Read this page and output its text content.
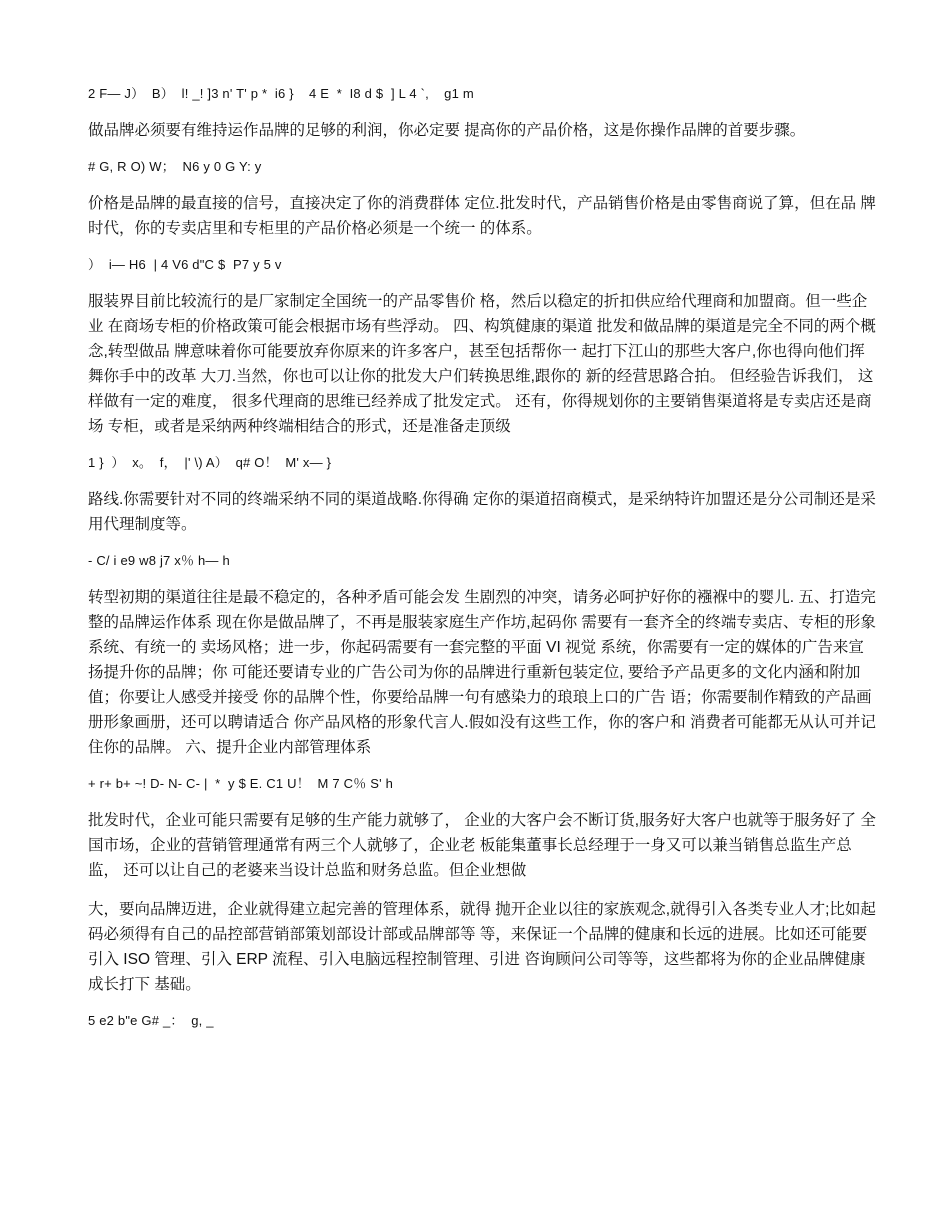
2 F— J）  B）  l! _! ]3 n' T' p *  i6 }    4 E  *  I8 d $  ] L 4 `,    g1 m

做品牌必须要有维持运作品牌的足够的利润，你必定要 提高你的产品价格，这是你操作品牌的首要步骤。

# G, R O) W；  N6 y 0 G Y: y

价格是品牌的最直接的信号，直接决定了你的消费群体 定位.批发时代，产品销售价格是由零售商说了算，但在品 牌时代，你的专卖店里和专柜里的产品价格必须是一个统一 的体系。

）  i— H6  | 4 V6 d"C $  P7 y 5 v

服装界目前比较流行的是厂家制定全国统一的产品零售价 格，然后以稳定的折扣供应给代理商和加盟商。但一些企业 在商场专柜的价格政策可能会根据市场有些浮动。 四、构筑健康的渠道 批发和做品牌的渠道是完全不同的两个概念,转型做品 牌意味着你可能要放弃你原来的许多客户，甚至包括帮你一 起打下江山的那些大客户,你也得向他们挥舞你手中的改革 大刀.当然，你也可以让你的批发大户们转换思维,跟你的 新的经营思路合拍。 但经验告诉我们， 这样做有一定的难度， 很多代理商的思维已经养成了批发定式。 还有，你得规划你的主要销售渠道将是专卖店还是商场 专柜，或者是采纳两种终端相结合的形式，还是准备走顶级

1 }  ）  x。  f，  |' \) A）  q# O！  M' x— }

路线.你需要针对不同的终端采纳不同的渠道战略.你得确 定你的渠道招商模式，是采纳特许加盟还是分公司制还是采 用代理制度等。

- C/ i e9 w8 j7 x％ h— h

转型初期的渠道往往是最不稳定的，各种矛盾可能会发 生剧烈的冲突，请务必呵护好你的襁褓中的婴儿. 五、打造完整的品牌运作体系 现在你是做品牌了，不再是服装家庭生产作坊,起码你 需要有一套齐全的终端专卖店、专柜的形象系统、有统一的 卖场风格；进一步，你起码需要有一套完整的平面 VI 视觉 系统，你需要有一定的媒体的广告来宣扬提升你的品牌；你 可能还要请专业的广告公司为你的品牌进行重新包装定位, 要给予产品更多的文化内涵和附加值；你要让人感受并接受 你的品牌个性，你要给品牌一句有感染力的琅琅上口的广告 语；你需要制作精致的产品画册形象画册，还可以聘请适合 你产品风格的形象代言人.假如没有这些工作，你的客户和 消费者可能都无从认可并记住你的品牌。 六、提升企业内部管理体系

+ r+ b+ ~! D- N- C- |  *  y $ E. C1 U！  M 7 C％ S' h

批发时代，企业可能只需要有足够的生产能力就够了， 企业的大客户会不断订货,服务好大客户也就等于服务好了 全国市场，企业的营销管理通常有两三个人就够了，企业老 板能集董事长总经理于一身又可以兼当销售总监生产总监， 还可以让自己的老婆来当设计总监和财务总监。但企业想做

大，要向品牌迈进，企业就得建立起完善的管理体系，就得 抛开企业以往的家族观念,就得引入各类专业人才;比如起 码必须得有自己的品控部营销部策划部设计部或品牌部等 等，来保证一个品牌的健康和长远的进展。比如还可能要引入 ISO 管理、引入 ERP 流程、引入电脑远程控制管理、引进 咨询顾问公司等等，这些都将为你的企业品牌健康成长打下 基础。

5 e2 b"e G# _：  g, _
